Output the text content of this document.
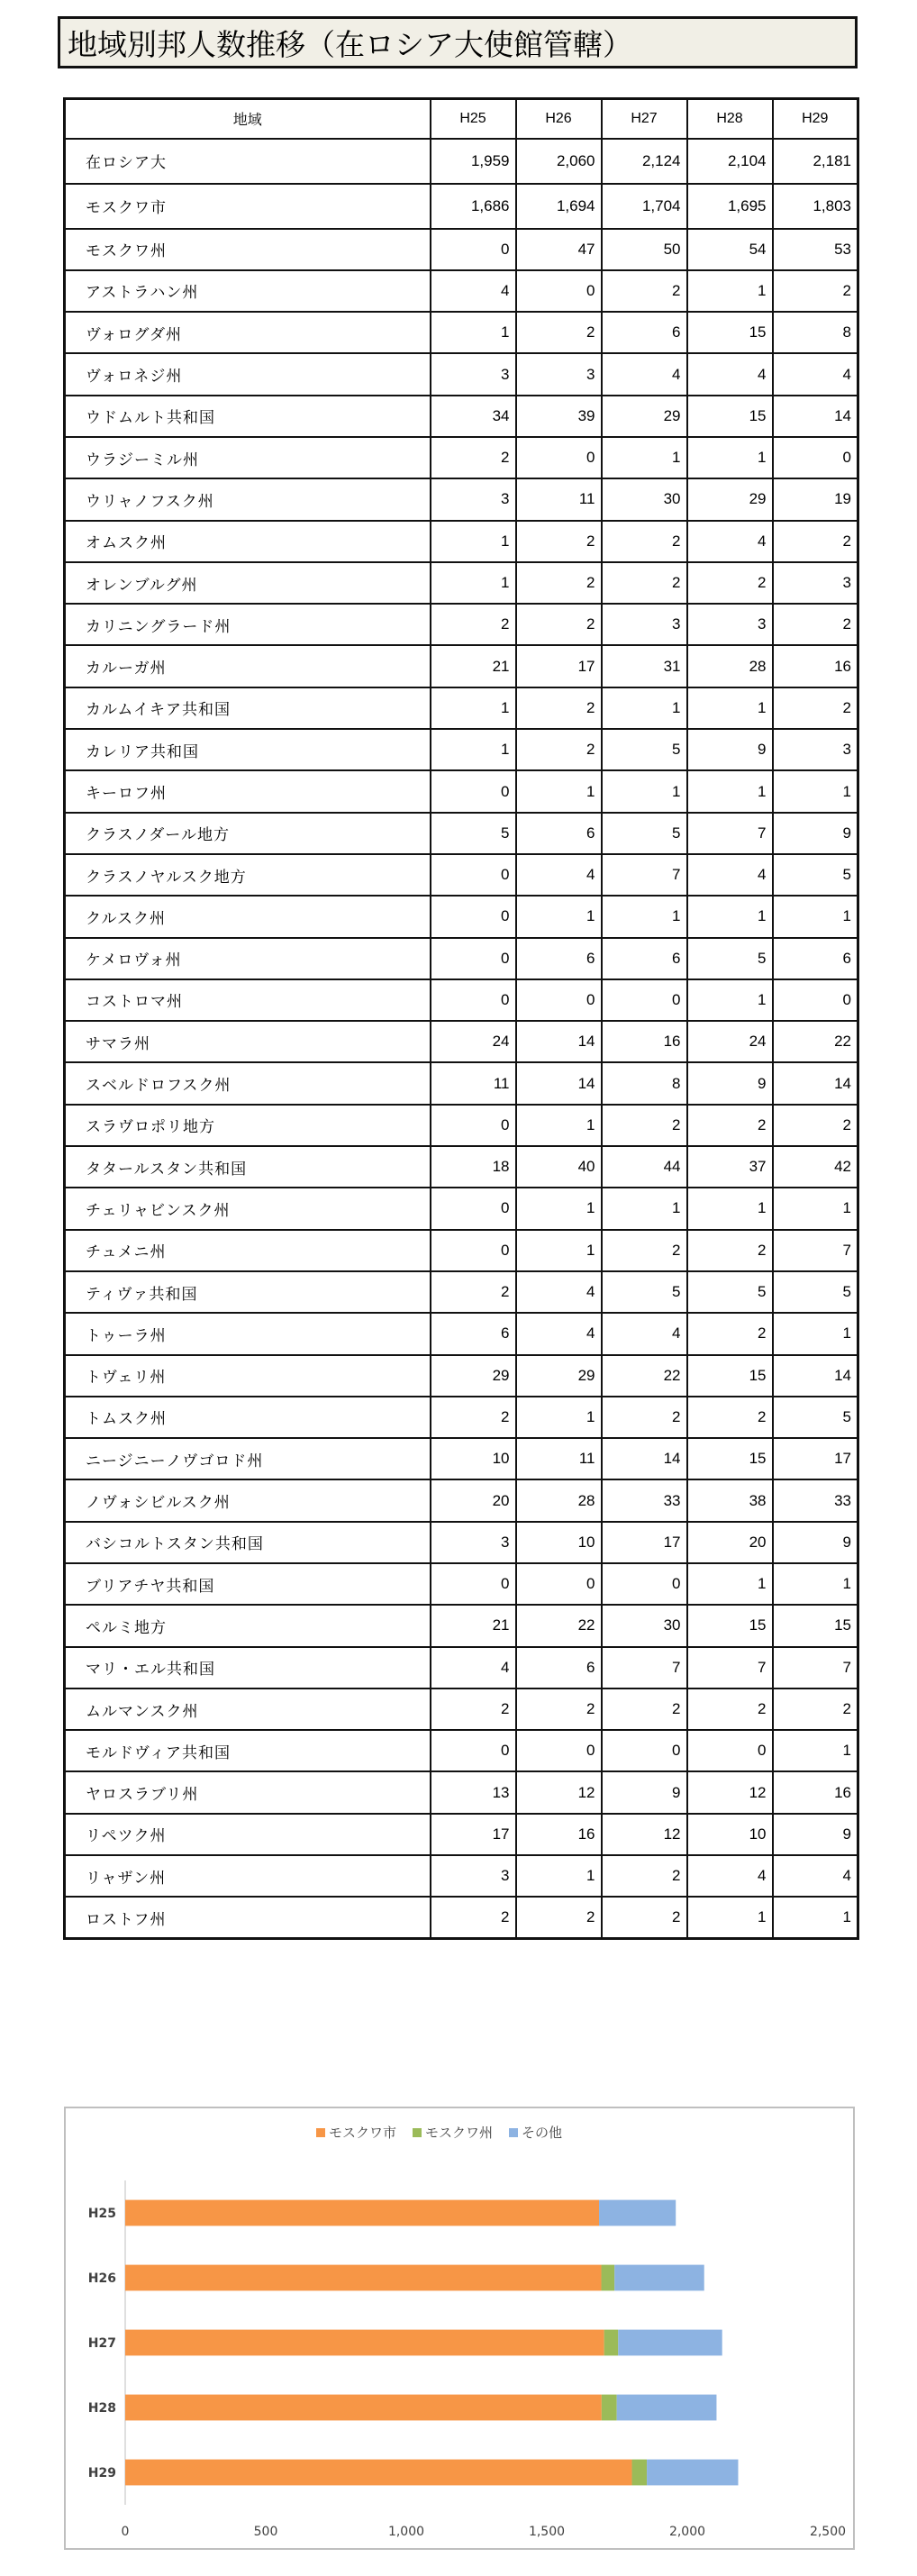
地域別邦人数推移（在ロシア大使館管轄）
地域	H25	H26	H27	H28	H29
在ロシア大	1,959	2,060	2,124	2,104	2,181
モスクワ市	1,686	1,694	1,704	1,695	1,803
モスクワ州	0	47	50	54	53
アストラハン州	4	0	2	1	2
ヴォログダ州	1	2	6	15	8
ヴォロネジ州	3	3	4	4	4
ウドムルト共和国	34	39	29	15	14
ウラジーミル州	2	0	1	1	0
ウリャノフスク州	3	11	30	29	19
オムスク州	1	2	2	4	2
オレンブルグ州	1	2	2	2	3
カリニングラード州	2	2	3	3	2
カルーガ州	21	17	31	28	16
カルムイキア共和国	1	2	1	1	2
カレリア共和国	1	2	5	9	3
キーロフ州	0	1	1	1	1
クラスノダール地方	5	6	5	7	9
クラスノヤルスク地方	0	4	7	4	5
クルスク州	0	1	1	1	1
ケメロヴォ州	0	6	6	5	6
コストロマ州	0	0	0	1	0
サマラ州	24	14	16	24	22
スベルドロフスク州	11	14	8	9	14
スラヴロポリ地方	0	1	2	2	2
タタールスタン共和国	18	40	44	37	42
チェリャビンスク州	0	1	1	1	1
チュメニ州	0	1	2	2	7
ティヴァ共和国	2	4	5	5	5
トゥーラ州	6	4	4	2	1
トヴェリ州	29	29	22	15	14
トムスク州	2	1	2	2	5
ニージニーノヴゴロド州	10	11	14	15	17
ノヴォシビルスク州	20	28	33	38	33
バシコルトスタン共和国	3	10	17	20	9
ブリアチヤ共和国	0	0	0	1	1
ペルミ地方	21	22	30	15	15
マリ・エル共和国	4	6	7	7	7
ムルマンスク州	2	2	2	2	2
モルドヴィア共和国	0	0	0	0	1
ヤロスラブリ州	13	12	9	12	16
リペツク州	17	16	12	10	9
リャザン州	3	1	2	4	4
ロストフ州	2	2	2	1	1
モスクワ市 モスクワ州 その他
0	500	1,000	1,500	2,000	2,500
H25
H26
H27
H28
H29
